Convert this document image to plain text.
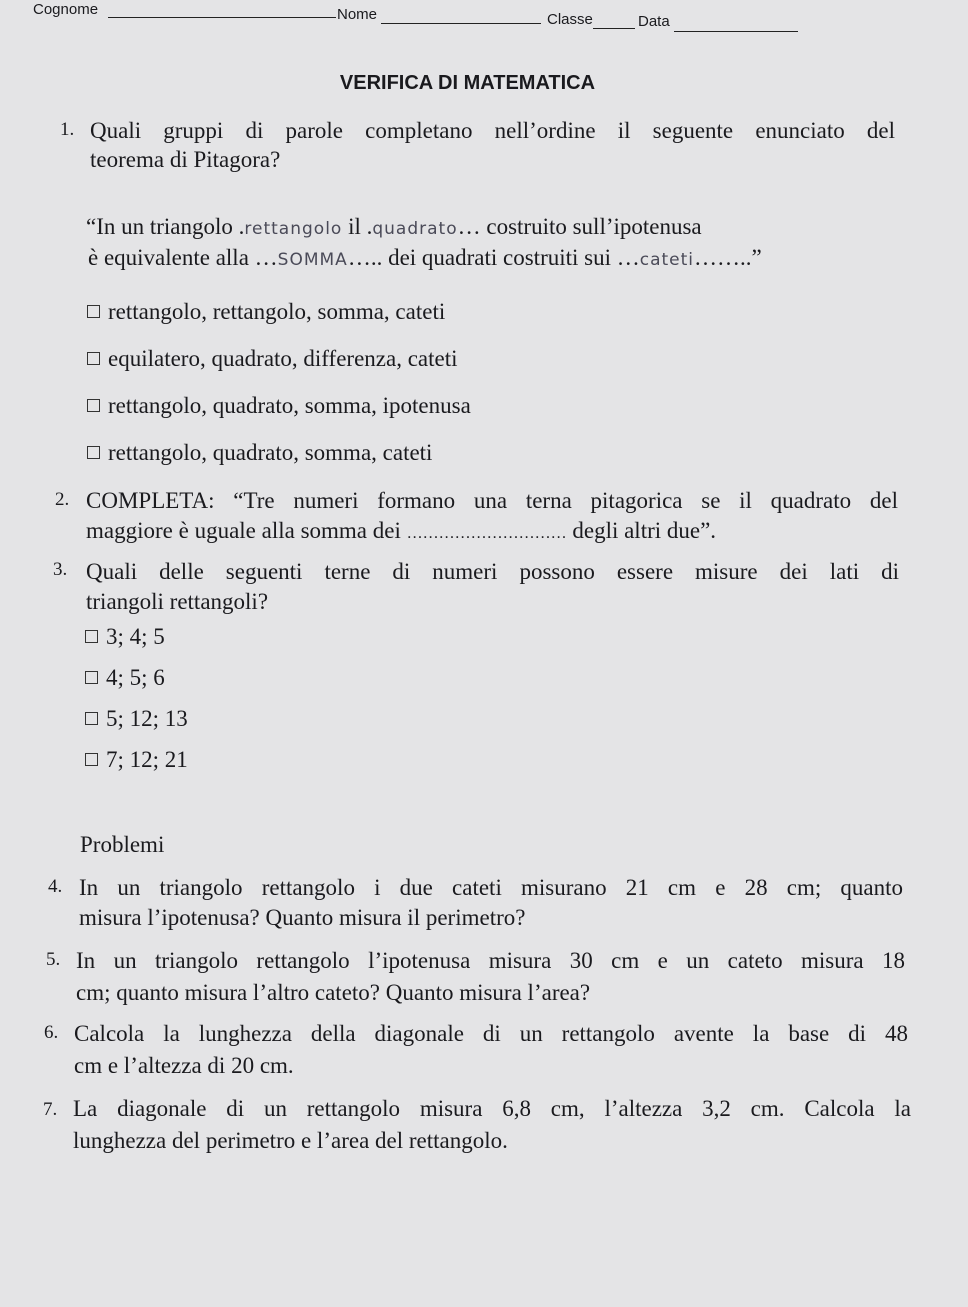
Cognome	Nome	Classe	Data
VERIFICA DI MATEMATICA
1. Quali gruppi di parole completano nell’ordine il seguente enunciato del
teorema di Pitagora?
“In un triangolo .rettangolo il .quadrato… costruito sull’ipotenusa
è equivalente alla …SOMMA….. dei quadrati costruiti sui …cateti……..”
rettangolo, rettangolo, somma, cateti
equilatero, quadrato, differenza, cateti
rettangolo, quadrato, somma, ipotenusa
rettangolo, quadrato, somma, cateti
2. COMPLETA: “Tre numeri formano una terna pitagorica se il quadrato del
maggiore è uguale alla somma dei ………………………… degli altri due”.
3. Quali delle seguenti terne di numeri possono essere misure dei lati di
triangoli rettangoli?
3; 4; 5
4; 5; 6
5; 12; 13
7; 12; 21
Problemi
4. In un triangolo rettangolo i due cateti misurano 21 cm e 28 cm; quanto
misura l’ipotenusa? Quanto misura il perimetro?
5. In un triangolo rettangolo l’ipotenusa misura 30 cm e un cateto misura 18
cm; quanto misura l’altro cateto? Quanto misura l’area?
6. Calcola la lunghezza della diagonale di un rettangolo avente la base di 48
cm e l’altezza di 20 cm.
7. La diagonale di un rettangolo misura 6,8 cm, l’altezza 3,2 cm. Calcola la
lunghezza del perimetro e l’area del rettangolo.
